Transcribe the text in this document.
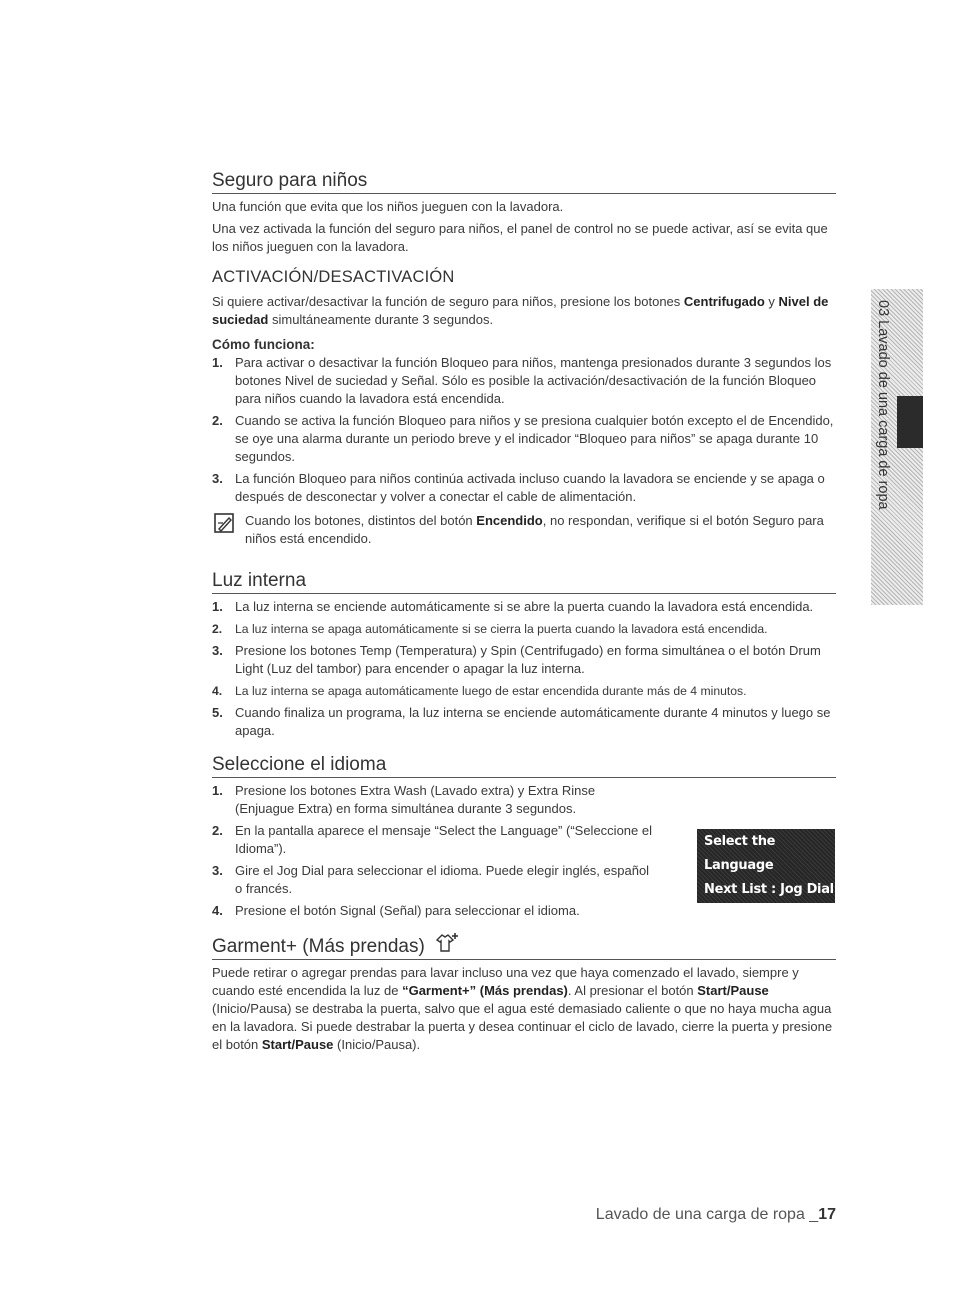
03 Lavado de una carga de ropa
Seguro para niños

Una función que evita que los niños jueguen con la lavadora.

Una vez activada la función del seguro para niños, el panel de control no se puede activar, así se evita que los niños jueguen con la lavadora.

ACTIVACIÓN/DESACTIVACIÓN

Si quiere activar/desactivar la función de seguro para niños, presione los botones Centrifugado y Nivel de suciedad simultáneamente durante 3 segundos.

Cómo funciona:
1. Para activar o desactivar la función Bloqueo para niños, mantenga presionados durante 3 segundos los botones Nivel de suciedad y Señal. Sólo es posible la activación/desactivación de la función Bloqueo para niños cuando la lavadora está encendida.
2. Cuando se activa la función Bloqueo para niños y se presiona cualquier botón excepto el de Encendido, se oye una alarma durante un periodo breve y el indicador “Bloqueo para niños” se apaga durante 10 segundos.
3. La función Bloqueo para niños continúa activada incluso cuando la lavadora se enciende y se apaga o después de desconectar y volver a conectar el cable de alimentación.
Cuando los botones, distintos del botón Encendido, no respondan, verifique si el botón Seguro para niños está encendido.
Luz interna
1. La luz interna se enciende automáticamente si se abre la puerta cuando la lavadora está encendida.
2. La luz interna se apaga automáticamente si se cierra la puerta cuando la lavadora está encendida.
3. Presione los botones Temp (Temperatura) y Spin (Centrifugado) en forma simultánea o el botón Drum Light (Luz del tambor) para encender o apagar la luz interna.
4. La luz interna se apaga automáticamente luego de estar encendida durante más de 4 minutos.
5. Cuando finaliza un programa, la luz interna se enciende automáticamente durante 4 minutos y luego se apaga.
Seleccione el idioma
1. Presione los botones Extra Wash (Lavado extra) y Extra Rinse (Enjuague Extra) en forma simultánea durante 3 segundos.
2. En la pantalla aparece el mensaje “Select the Language” (“Seleccione el Idioma”).
3. Gire el Jog Dial para seleccionar el idioma. Puede elegir inglés, español o francés.
4. Presione el botón Signal (Señal) para seleccionar el idioma.
Garment+ (Más prendas)

Puede retirar o agregar prendas para lavar incluso una vez que haya comenzado el lavado, siempre y cuando esté encendida la luz de “Garment+” (Más prendas). Al presionar el botón Start/Pause (Inicio/Pausa) se destraba la puerta, salvo que el agua esté demasiado caliente o que no haya mucha agua en la lavadora. Si puede destrabar la puerta y desea continuar el ciclo de lavado, cierre la puerta y presione el botón Start/Pause (Inicio/Pausa).

Select the Language
Next List : Jog Dial
Select : Signal Button
Lavado de una carga de ropa _17
